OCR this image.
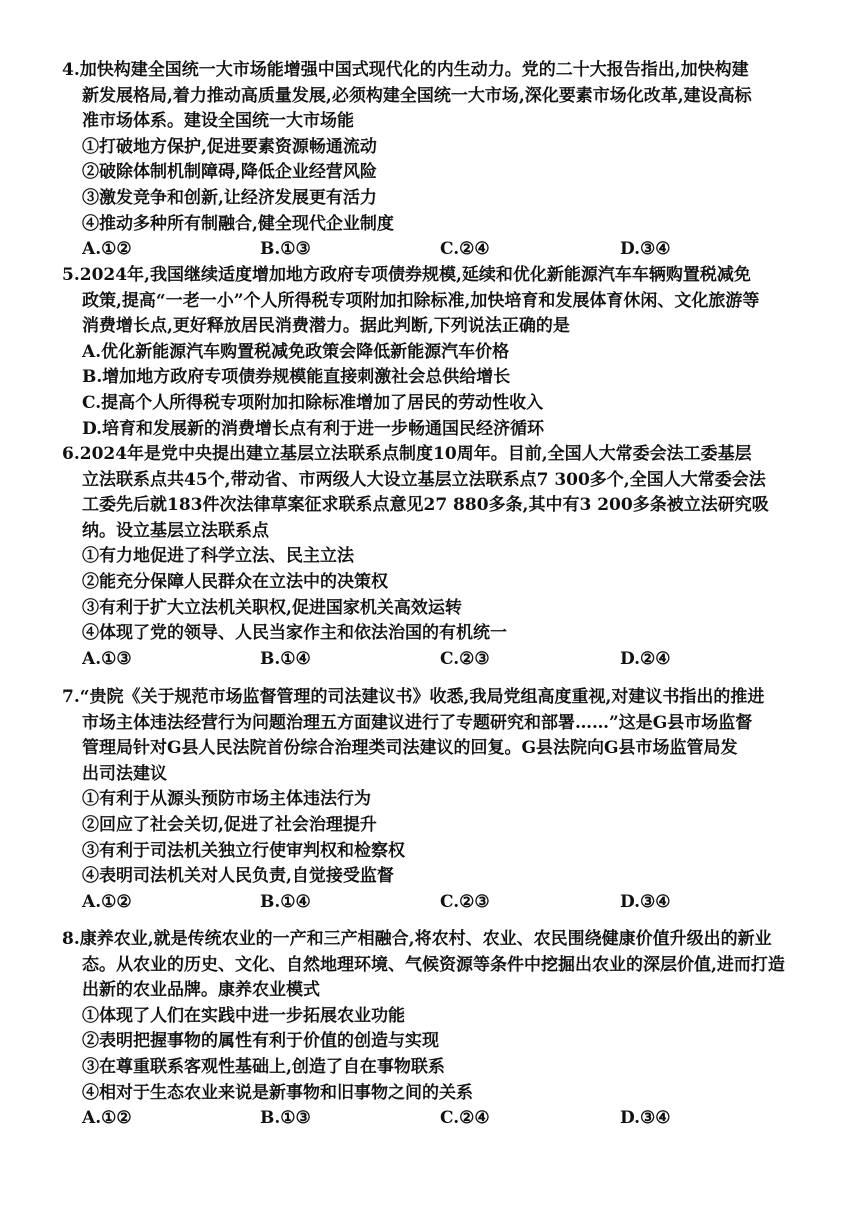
4.加快构建全国统一大市场能增强中国式现代化的内生动力。党的二十大报告指出,加快构建
新发展格局,着力推动高质量发展,必须构建全国统一大市场,深化要素市场化改革,建设高标
准市场体系。建设全国统一大市场能
①打破地方保护,促进要素资源畅通流动
②破除体制机制障碍,降低企业经营风险
③激发竞争和创新,让经济发展更有活力
④推动多种所有制融合,健全现代企业制度
A.①②	B.①③	C.②④	D.③④
5.2024年,我国继续适度增加地方政府专项债券规模,延续和优化新能源汽车车辆购置税减免
政策,提高“一老一小”个人所得税专项附加扣除标准,加快培育和发展体育休闲、文化旅游等
消费增长点,更好释放居民消费潜力。据此判断,下列说法正确的是
A.优化新能源汽车购置税减免政策会降低新能源汽车价格
B.增加地方政府专项债券规模能直接刺激社会总供给增长
C.提高个人所得税专项附加扣除标准增加了居民的劳动性收入
D.培育和发展新的消费增长点有利于进一步畅通国民经济循环
6.2024年是党中央提出建立基层立法联系点制度10周年。目前,全国人大常委会法工委基层
立法联系点共45个,带动省、市两级人大设立基层立法联系点7 300多个,全国人大常委会法
工委先后就183件次法律草案征求联系点意见27 880多条,其中有3 200多条被立法研究吸
纳。设立基层立法联系点
①有力地促进了科学立法、民主立法
②能充分保障人民群众在立法中的决策权
③有利于扩大立法机关职权,促进国家机关高效运转
④体现了党的领导、人民当家作主和依法治国的有机统一
A.①③	B.①④	C.②③	D.②④
7.“贵院《关于规范市场监督管理的司法建议书》收悉,我局党组高度重视,对建议书指出的推进
市场主体违法经营行为问题治理五方面建议进行了专题研究和部署……”这是G县市场监督
管理局针对G县人民法院首份综合治理类司法建议的回复。G县法院向G县市场监管局发
出司法建议
①有利于从源头预防市场主体违法行为
②回应了社会关切,促进了社会治理提升
③有利于司法机关独立行使审判权和检察权
④表明司法机关对人民负责,自觉接受监督
A.①②	B.①④	C.②③	D.③④
8.康养农业,就是传统农业的一产和三产相融合,将农村、农业、农民围绕健康价值升级出的新业
态。从农业的历史、文化、自然地理环境、气候资源等条件中挖掘出农业的深层价值,进而打造
出新的农业品牌。康养农业模式
①体现了人们在实践中进一步拓展农业功能
②表明把握事物的属性有利于价值的创造与实现
③在尊重联系客观性基础上,创造了自在事物联系
④相对于生态农业来说是新事物和旧事物之间的关系
A.①②	B.①③	C.②④	D.③④
